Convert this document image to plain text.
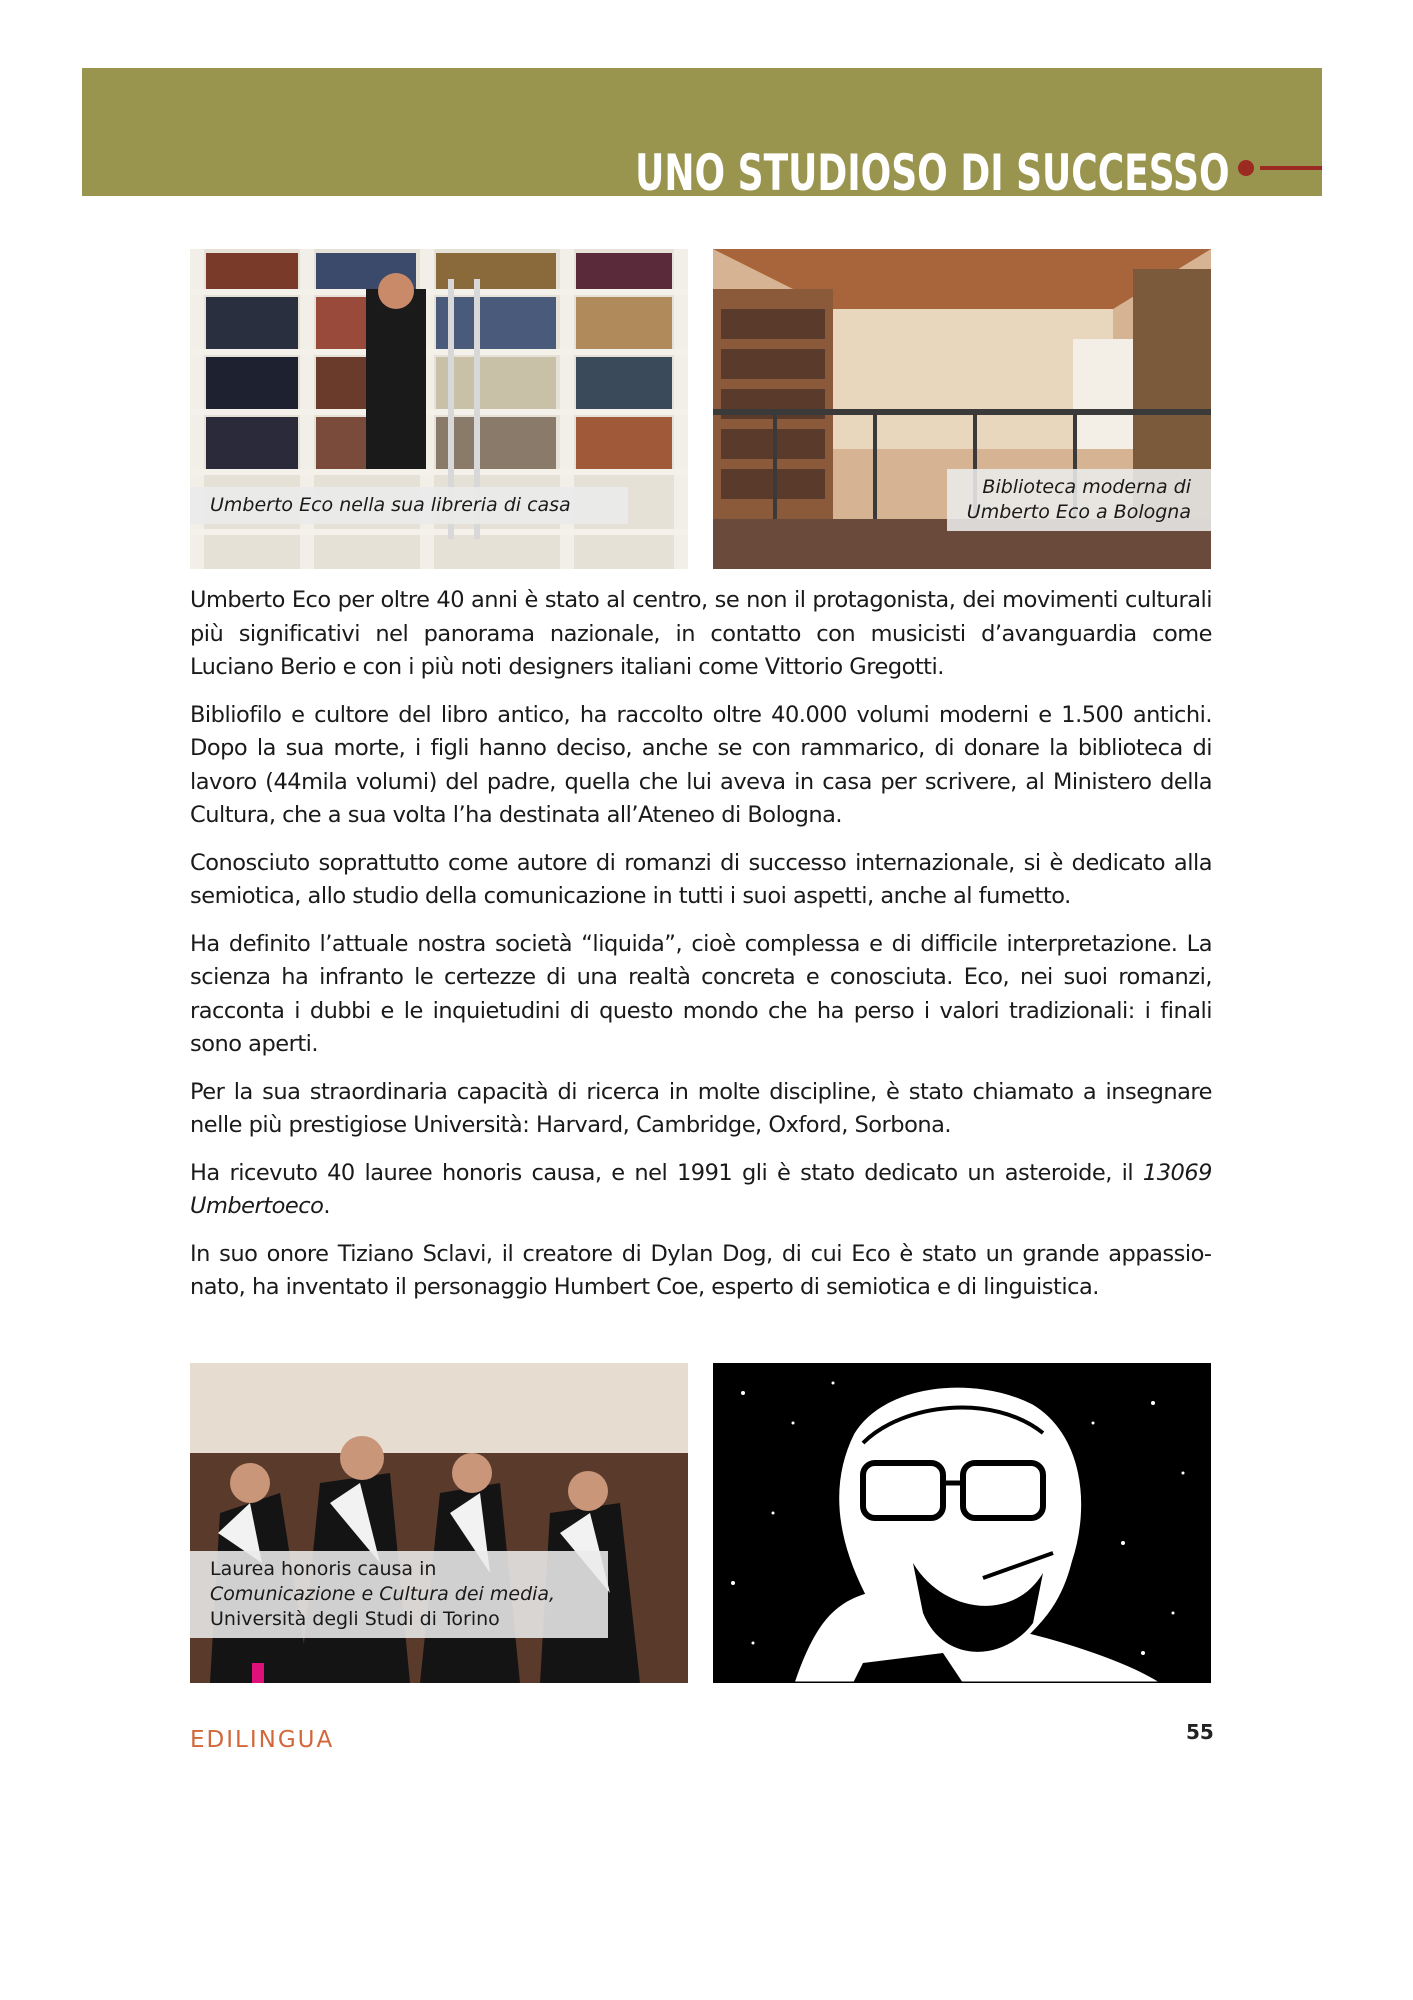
UNO STUDIOSO DI SUCCESSO
Umberto Eco nella sua libreria di casa
Biblioteca moderna di
Umberto Eco a Bologna

Umberto Eco per oltre 40 anni è stato al centro, se non il protagonista, dei movimenti culturali più significativi nel panorama nazionale, in contatto con musicisti d’avanguardia come Luciano Berio e con i più noti designers italiani come Vittorio Gregotti.

Bibliofilo e cultore del libro antico, ha raccolto oltre 40.000 volumi moderni e 1.500 antichi. Dopo la sua morte, i figli hanno deciso, anche se con rammarico, di donare la biblioteca di lavoro (44mila volumi) del padre, quella che lui aveva in casa per scrivere, al Ministero della Cultura, che a sua volta l’ha destinata all’Ateneo di Bologna.

Conosciuto soprattutto come autore di romanzi di successo internazionale, si è dedicato alla semiotica, allo studio della comunicazione in tutti i suoi aspetti, anche al fumetto.

Ha definito l’attuale nostra società “liquida”, cioè complessa e di difficile interpretazione. La scienza ha infranto le certezze di una realtà concreta e conosciuta. Eco, nei suoi romanzi, racconta i dubbi e le inquietudini di questo mondo che ha perso i valori tradizionali: i finali sono aperti.

Per la sua straordinaria capacità di ricerca in molte discipline, è stato chiamato a insegnare nelle più prestigiose Università: Harvard, Cambridge, Oxford, Sorbona.

Ha ricevuto 40 lauree honoris causa, e nel 1991 gli è stato dedicato un asteroide, il 13069 Umbertoeco.

In suo onore Tiziano Sclavi, il creatore di Dylan Dog, di cui Eco è stato un grande appassionato, ha inventato il personaggio Humbert Coe, esperto di semiotica e di linguistica.

Laurea honoris causa in
Comunicazione e Cultura dei media,
Università degli Studi di Torino
EDILINGUA	55
